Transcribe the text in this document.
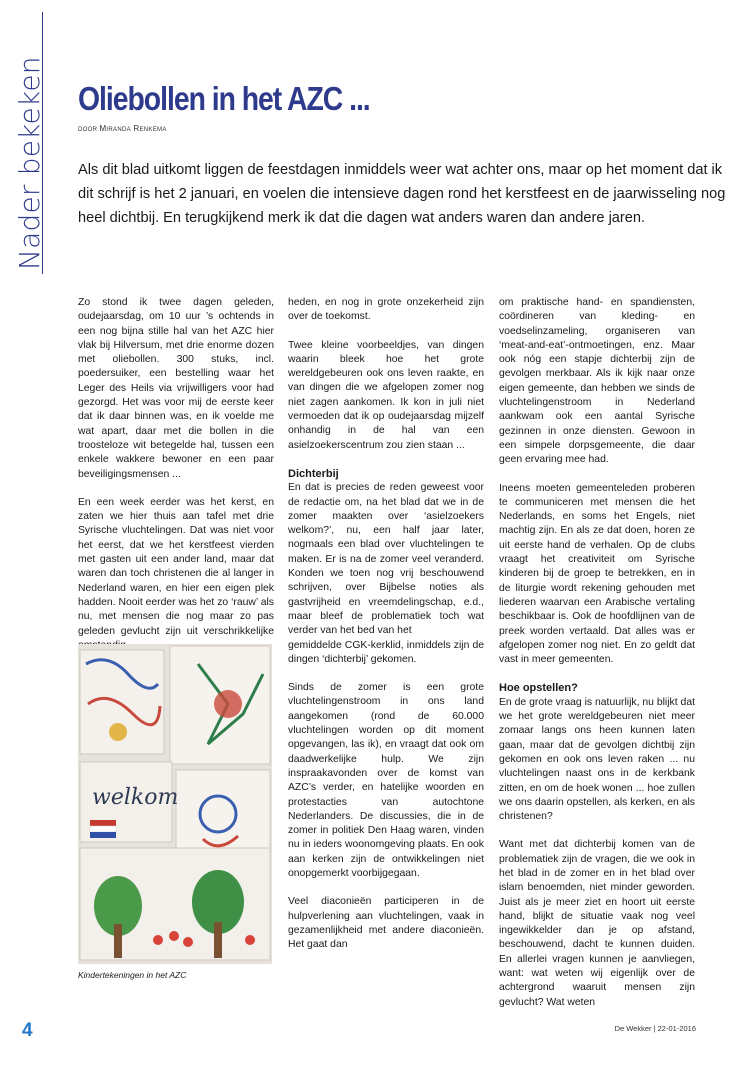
Nader bekeken Oliebollen in het AZC ...
door Miranda Renkema

Als dit blad uitkomt liggen de feestdagen inmiddels weer wat achter ons, maar op het moment dat ik dit schrijf is het 2 januari, en voelen die intensieve dagen rond het kerstfeest en de jaarwisseling nog heel dichtbij. En terugkijkend merk ik dat die dagen wat anders waren dan andere jaren.

Zo stond ik twee dagen geleden, oudejaarsdag, om 10 uur ’s ochtends in een nog bijna stille hal van het AZC hier vlak bij Hilversum, met drie enorme dozen met oliebollen. 300 stuks, incl. poedersuiker, een bestelling waar het Leger des Heils via vrijwilligers voor had gezorgd. Het was voor mij de eerste keer dat ik daar binnen was, en ik voelde me wat apart, daar met die bollen in die troosteloze wit betegelde hal, tussen een enkele wakkere bewoner en een paar beveiligingsmensen ...

En een week eerder was het kerst, en zaten we hier thuis aan tafel met drie Syrische vluchtelingen. Dat was niet voor het eerst, dat we het kerstfeest vierden met gasten uit een ander land, maar dat waren dan toch christenen die al langer in Nederland waren, en hier een eigen plek hadden. Nooit eerder was het zo ‘rauw’ als nu, met mensen die nog maar zo pas geleden gevlucht zijn uit verschrikkelijke

heden, en nog in grote onzekerheid zijn over de toekomst.

Twee kleine voorbeeldjes, van dingen waarin bleek hoe het grote wereldgebeuren ook ons leven raakte, en van dingen die we afgelopen zomer nog niet zagen aankomen. Ik kon in juli niet vermoeden dat ik op oudejaarsdag mijzelf onhandig in de hal van een asielzoekerscentrum zou zien staan ...

Dichterbij

En dat is precies de reden geweest voor de redactie om, na het blad dat we in de zomer maakten over ‘asielzoekers welkom?’, nu, een half jaar later, nogmaals een blad over vluchtelingen te maken. Er is na de zomer veel veranderd. Konden we toen nog vrij beschouwend schrijven, over Bijbelse noties als gastvrijheid en vreemdelingschap, e.d., maar bleef de problematiek toch wat verder van het bed van het

gemiddelde CGK-kerklid, inmiddels zijn de dingen ‘dichterbij’ gekomen.

Sinds de zomer is een grote vluchtelingenstroom in ons land aangekomen (rond de 60.000 vluchtelingen worden op dit moment opgevangen, las ik), en vraagt dat ook om daadwerkelijke hulp. We zijn inspraakavonden over de komst van AZC’s verder, en hatelijke woorden en protestacties van autochtone Nederlanders. De discussies, die in de zomer in politiek Den Haag waren, vinden nu in ieders woonomgeving plaats. En ook aan kerken zijn de ontwikkelingen niet onopgemerkt voorbijgegaan.

Veel diaconieën participeren in de hulpverlening aan vluchtelingen, vaak in gezamenlijkheid met andere diaconieën. Het gaat dan

om praktische hand- en spandiensten, coördineren van kleding- en voedselinzameling, organiseren van ‘meat-and-eat’-ontmoetingen, enz. Maar ook nóg een stapje dichterbij zijn de gevolgen merkbaar. Als ik kijk naar onze eigen gemeente, dan hebben we sinds de vluchtelingenstroom in Nederland aankwam ook een aantal Syrische gezinnen in onze diensten. Gewoon in een simpele dorpsgemeente, die daar geen ervaring mee had.

Ineens moeten gemeenteleden proberen te communiceren met mensen die het Nederlands, en soms het Engels, niet machtig zijn. En als ze dat doen, horen ze uit eerste hand de verhalen. Op de clubs vraagt het creativiteit om Syrische kinderen bij de groep te betrekken, en in de liturgie wordt rekening gehouden met liederen waarvan een Arabische vertaling beschikbaar is. Ook de hoofdlijnen van de preek worden vertaald. Dat alles was er afgelopen zomer nog niet. En zo geldt dat vast in meer gemeenten.

Hoe opstellen?

En de grote vraag is natuurlijk, nu blijkt dat we het grote wereldgebeuren niet meer zomaar langs ons heen kunnen laten gaan, maar dat de gevolgen dichtbij zijn gekomen en ook ons leven raken ... nu vluchtelingen naast ons in de kerkbank zitten, en om de hoek wonen ... hoe zullen we ons daarin opstellen, als kerken, en als christenen?

Want met dat dichterbij komen van de problematiek zijn de vragen, die we ook in het blad in de zomer en in het blad over islam benoemden, niet minder geworden. Juist als je meer ziet en hoort uit eerste hand, blijkt de situatie vaak nog veel ingewikkelder dan je op afstand, beschouwend, dacht te kunnen duiden. En allerlei vragen kunnen je aanvliegen, want: wat weten wij eigenlijk over de achtergrond waaruit mensen zijn gevlucht? Wat weten

welkom
Kindertekeningen in het AZC
4	De Wekker | 22-01-2016
